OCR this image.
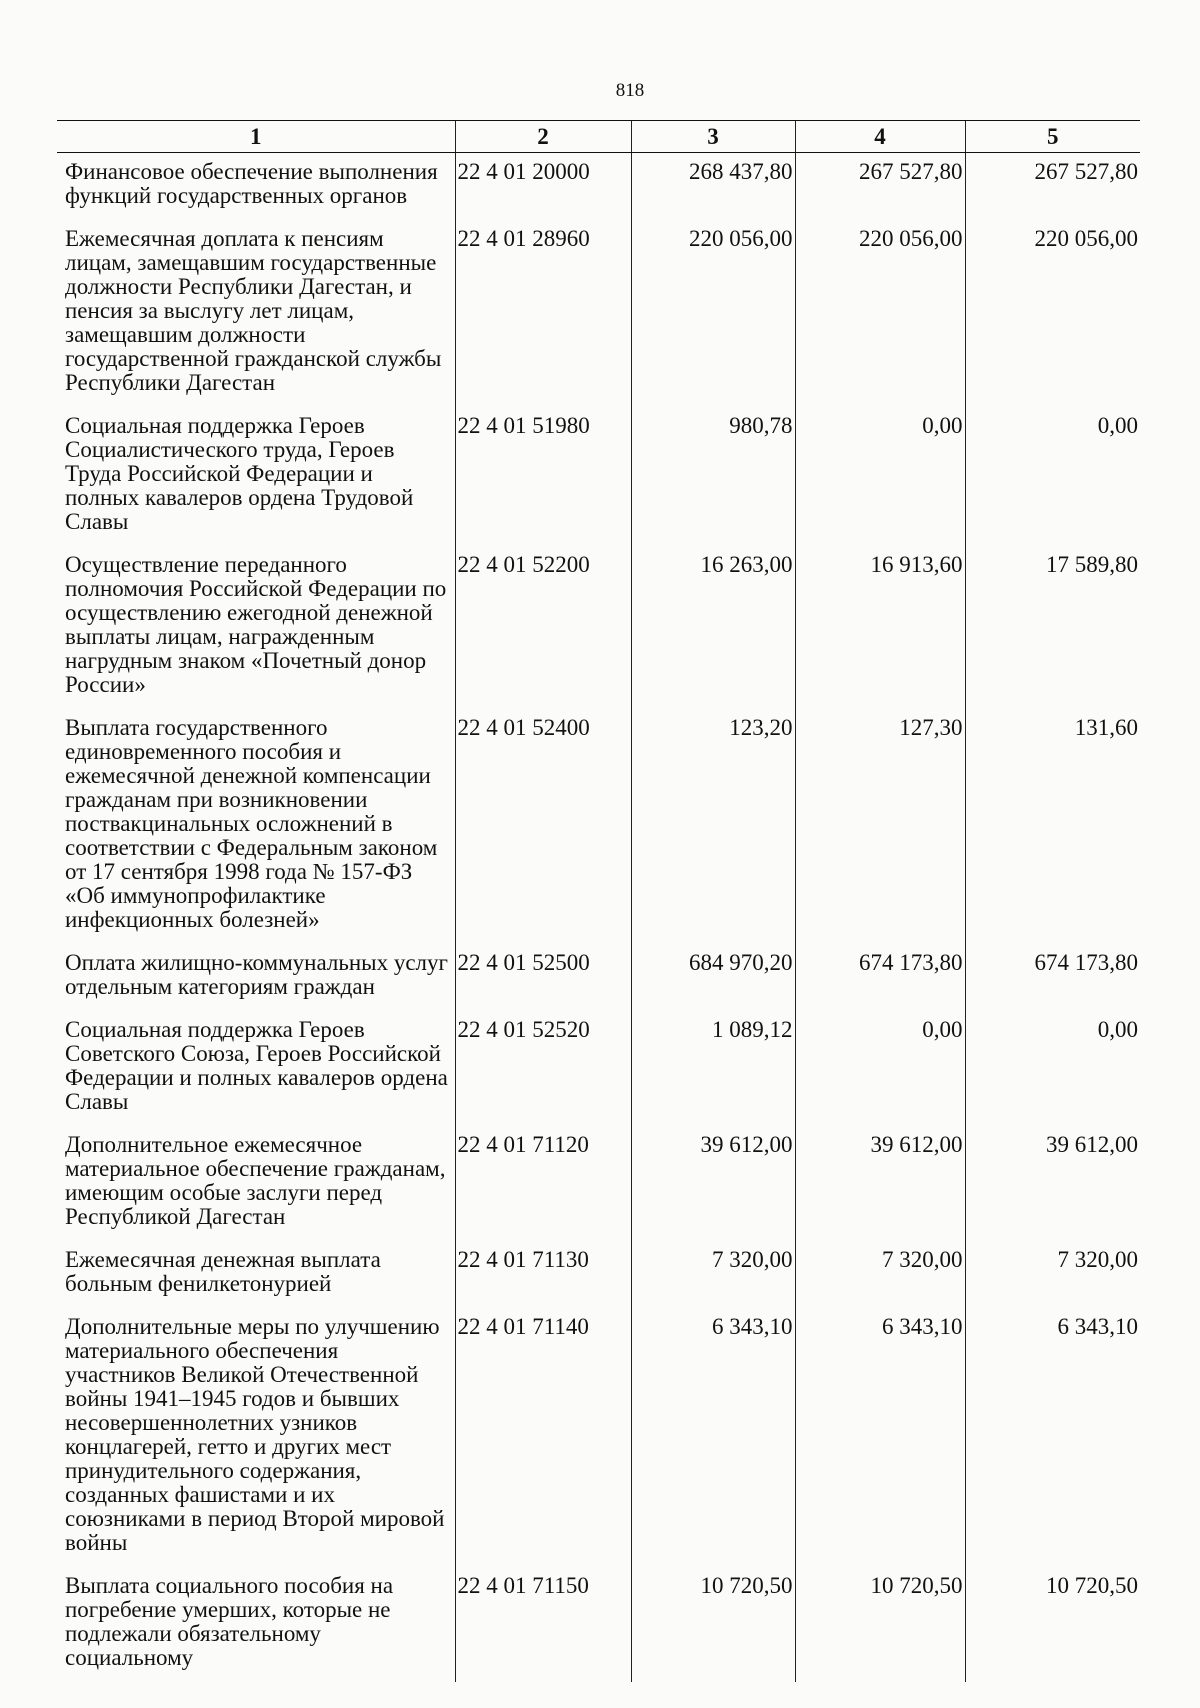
818
1	2	3	4	5
Финансовое обеспечение выполнения функций государственных органов	22 4 01 20000	268 437,80	267 527,80	267 527,80
Ежемесячная доплата к пенсиям лицам, замещавшим государственные должности Республики Дагестан, и пенсия за выслугу лет лицам, замещавшим должности государственной гражданской службы Республики Дагестан	22 4 01 28960	220 056,00	220 056,00	220 056,00
Социальная поддержка Героев Социалистического труда, Героев Труда Российской Федерации и полных кавалеров ордена Трудовой Славы	22 4 01 51980	980,78	0,00	0,00
Осуществление переданного полномочия Российской Федерации по осуществлению ежегодной денежной выплаты лицам, награжденным нагрудным знаком «Почетный донор России»	22 4 01 52200	16 263,00	16 913,60	17 589,80
Выплата государственного единовременного пособия и ежемесячной денежной компенсации гражданам при возникновении поствакцинальных осложнений в соответствии с Федеральным законом от 17 сентября 1998 года № 157-ФЗ «Об иммунопрофилактике инфекционных болезней»	22 4 01 52400	123,20	127,30	131,60
Оплата жилищно-коммунальных услуг отдельным категориям граждан	22 4 01 52500	684 970,20	674 173,80	674 173,80
Социальная поддержка Героев Советского Союза, Героев Российской Федерации и полных кавалеров ордена Славы	22 4 01 52520	1 089,12	0,00	0,00
Дополнительное ежемесячное материальное обеспечение гражданам, имеющим особые заслуги перед Республикой Дагестан	22 4 01 71120	39 612,00	39 612,00	39 612,00
Ежемесячная денежная выплата больным фенилкетонурией	22 4 01 71130	7 320,00	7 320,00	7 320,00
Дополнительные меры по улучшению материального обеспечения участников Великой Отечественной войны 1941–1945 годов и бывших несовершеннолетних узников концлагерей, гетто и других мест принудительного содержания, созданных фашистами и их союзниками в период Второй мировой войны	22 4 01 71140	6 343,10	6 343,10	6 343,10
Выплата социального пособия на погребение умерших, которые не подлежали обязательному социальному	22 4 01 71150	10 720,50	10 720,50	10 720,50
